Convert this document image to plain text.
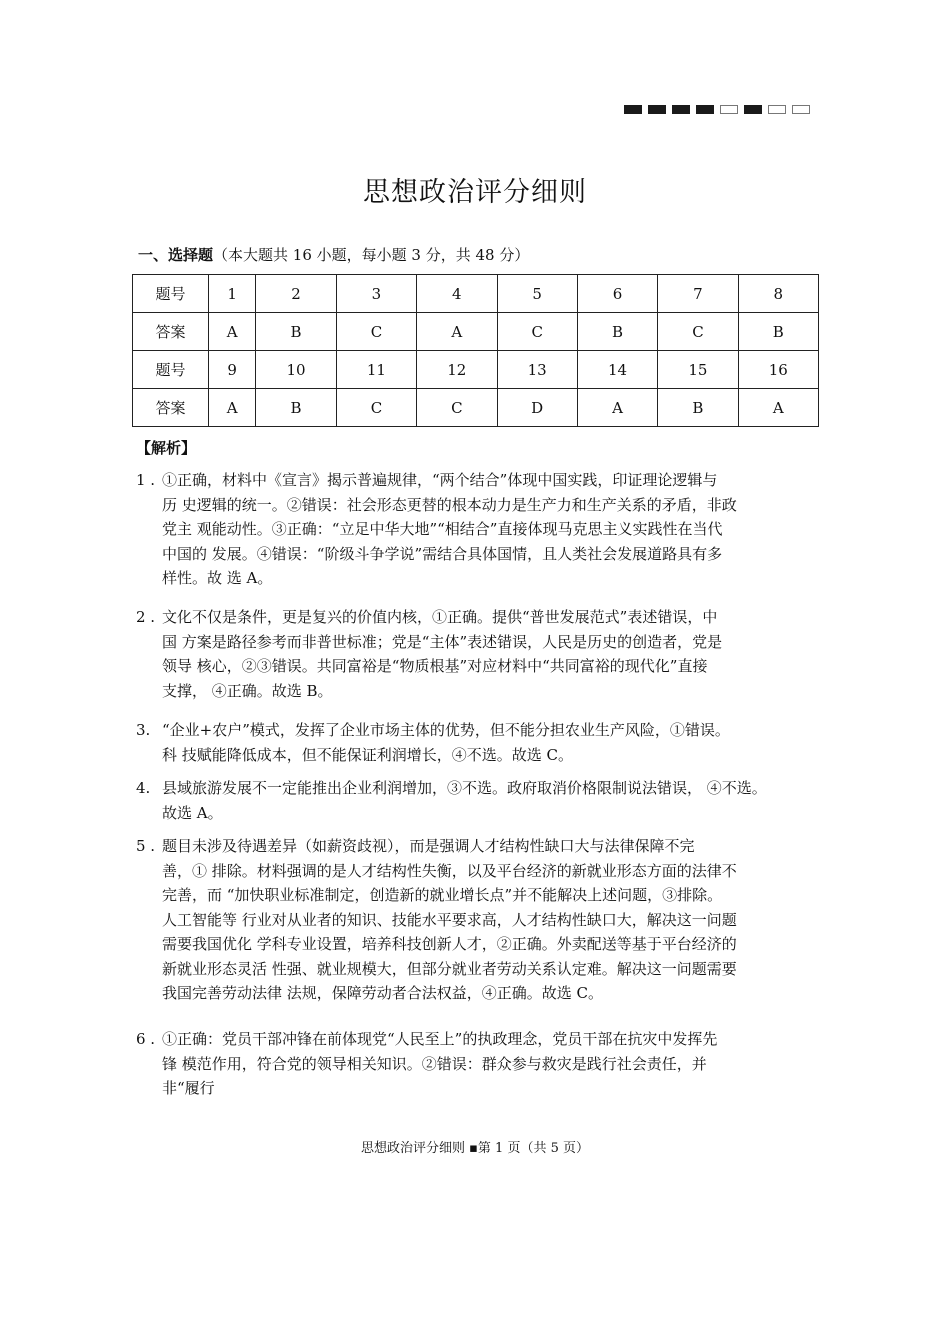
思想政治评分细则
一、选择题（本大题共 16 小题，每小题 3 分，共 48 分）
题号	1	2	3	4	5	6	7	8
答案	A	B	C	A	C	B	C	B
题号	9	10	11	12	13	14	15	16
答案	A	B	C	C	D	A	B	A
【解析】
1 . ①正确，材料中《宣言》揭示普遍规律，“两个结合”体现中国实践，印证理论逻辑与
历 史逻辑的统一。②错误：社会形态更替的根本动力是生产力和生产关系的矛盾，非政
党主 观能动性。③正确：“立足中华大地”“相结合”直接体现马克思主义实践性在当代
中国的 发展。④错误：“阶级斗争学说”需结合具体国情，且人类社会发展道路具有多
样性。故 选 A。
2 . 文化不仅是条件，更是复兴的价值内核，①正确。提供“普世发展范式”表述错误，中
国 方案是路径参考而非普世标准；党是“主体”表述错误，人民是历史的创造者，党是
领导 核心，②③错误。共同富裕是“物质根基”对应材料中“共同富裕的现代化”直接
支撑， ④正确。故选 B。
3. “企业+农户”模式，发挥了企业市场主体的优势，但不能分担农业生产风险，①错误。
科 技赋能降低成本，但不能保证利润增长，④不选。故选 C。
4. 县域旅游发展不一定能推出企业利润增加，③不选。政府取消价格限制说法错误， ④不选。
故选 A。
5 . 题目未涉及待遇差异（如薪资歧视），而是强调人才结构性缺口大与法律保障不完
善，① 排除。材料强调的是人才结构性失衡，以及平台经济的新就业形态方面的法律不
完善，而 “加快职业标准制定，创造新的就业增长点”并不能解决上述问题，③排除。
人工智能等 行业对从业者的知识、技能水平要求高，人才结构性缺口大，解决这一问题
需要我国优化 学科专业设置，培养科技创新人才，②正确。外卖配送等基于平台经济的
新就业形态灵活 性强、就业规模大，但部分就业者劳动关系认定难。解决这一问题需要
我国完善劳动法律 法规，保障劳动者合法权益，④正确。故选 C。
6 . ①正确：党员干部冲锋在前体现党“人民至上”的执政理念，党员干部在抗灾中发挥先
锋 模范作用，符合党的领导相关知识。②错误：群众参与救灾是践行社会责任，并
非“履行
思想政治评分细则 ▪第 1 页（共 5 页）
